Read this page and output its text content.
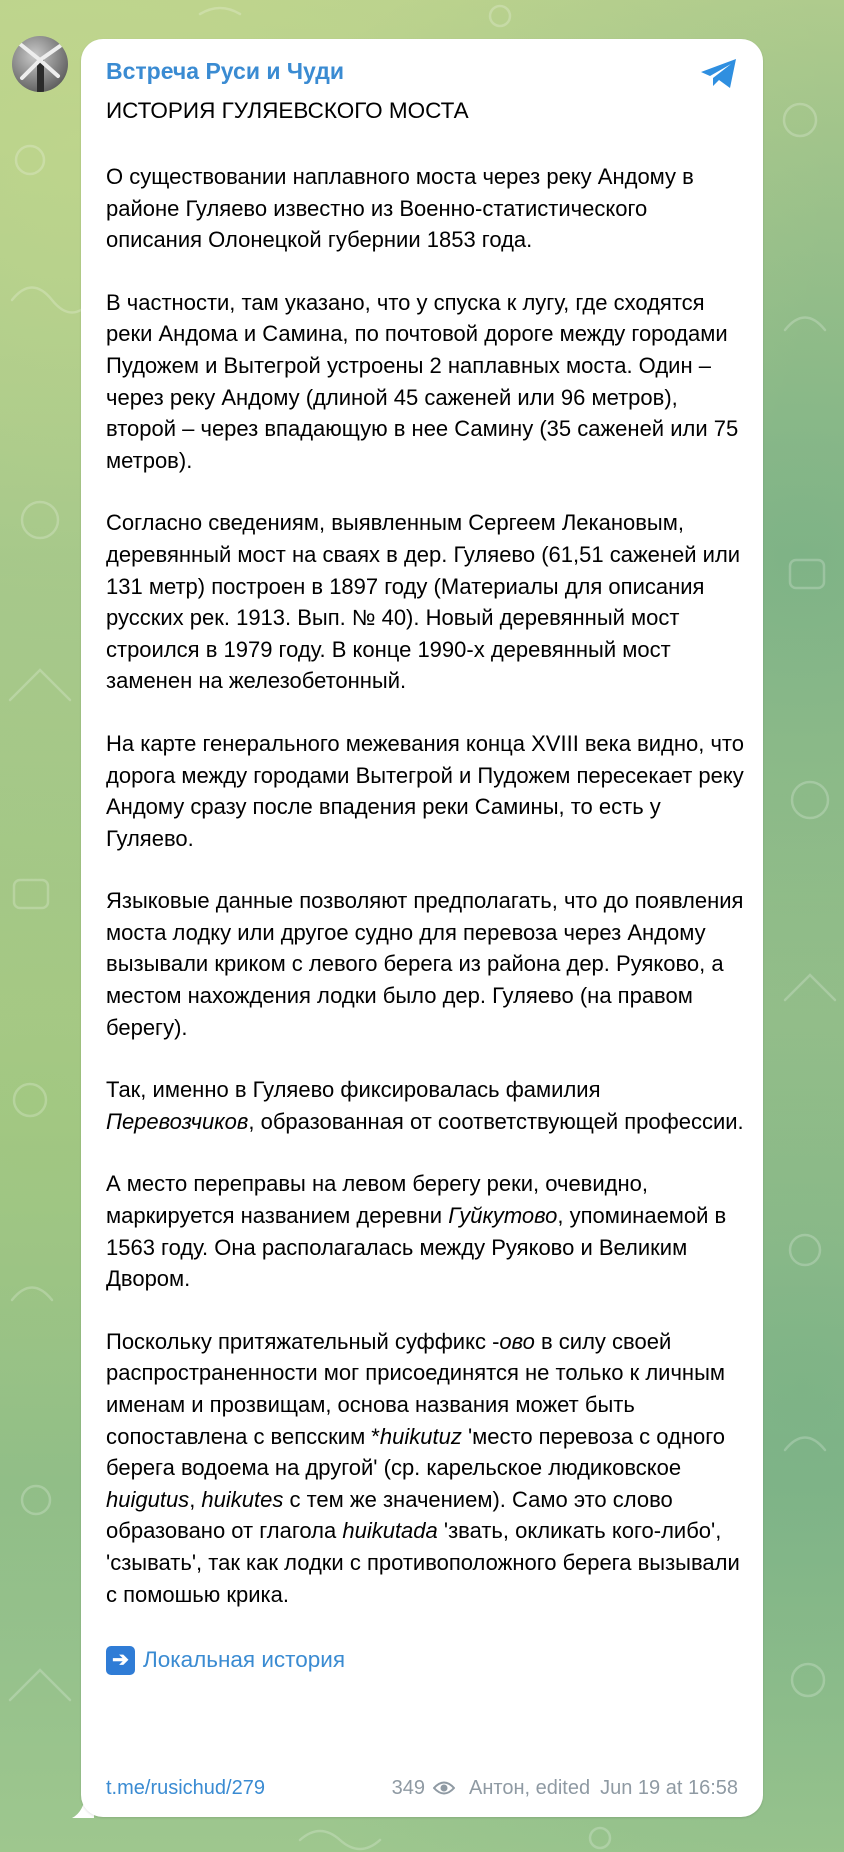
Встреча Руси и Чуди
ИСТОРИЯ ГУЛЯЕВСКОГО МОСТА
О существовании наплавного моста через реку Андому в районе Гуляево известно из Военно-статистического описания Олонецкой губернии 1853 года.
В частности, там указано, что у спуска к лугу, где сходятся реки Андома и Самина, по почтовой дороге между городами Пудожем и Вытегрой устроены 2 наплавных моста. Один – через реку Андому (длиной 45 саженей или 96 метров), второй – через впадающую в нее Самину (35 саженей или 75 метров).
Согласно сведениям, выявленным Сергеем Лекановым, деревянный мост на сваях в дер. Гуляево (61,51 саженей или 131 метр) построен в 1897 году (Материалы для описания русских рек. 1913. Вып. № 40). Новый деревянный мост строился в 1979 году. В конце 1990-х деревянный мост заменен на железобетонный.
На карте генерального межевания конца XVIII века видно, что дорога между городами Вытегрой и Пудожем пересекает реку Андому сразу после впадения реки Самины, то есть у Гуляево.
Языковые данные позволяют предполагать, что до появления моста лодку или другое судно для перевоза через Андому вызывали криком с левого берега из района дер. Руяково, а местом нахождения лодки было дер. Гуляево (на правом берегу).
Так, именно в Гуляево фиксировалась фамилия Перевозчиков, образованная от соответствующей профессии.
А место переправы на левом берегу реки, очевидно, маркируется названием деревни Гуйкутово, упоминаемой в 1563 году. Она располагалась между Руяково и Великим Двором.
Поскольку притяжательный суффикс -ово в силу своей распространенности мог присоединятся не только к личным именам и прозвищам, основа названия может быть сопоставлена с вепсским *huikutuz 'место перевоза с одного берега водоема на другой' (ср. карельское людиковское huigutus, huikutes с тем же значением). Само это слово образовано от глагола huikutada 'звать, окликать кого-либо', 'сзывать', так как лодки с противоположного берега вызывали с помошью крика.
➔ Локальная история
t.me/rusichud/279	349 Антон, edited Jun 19 at 16:58
